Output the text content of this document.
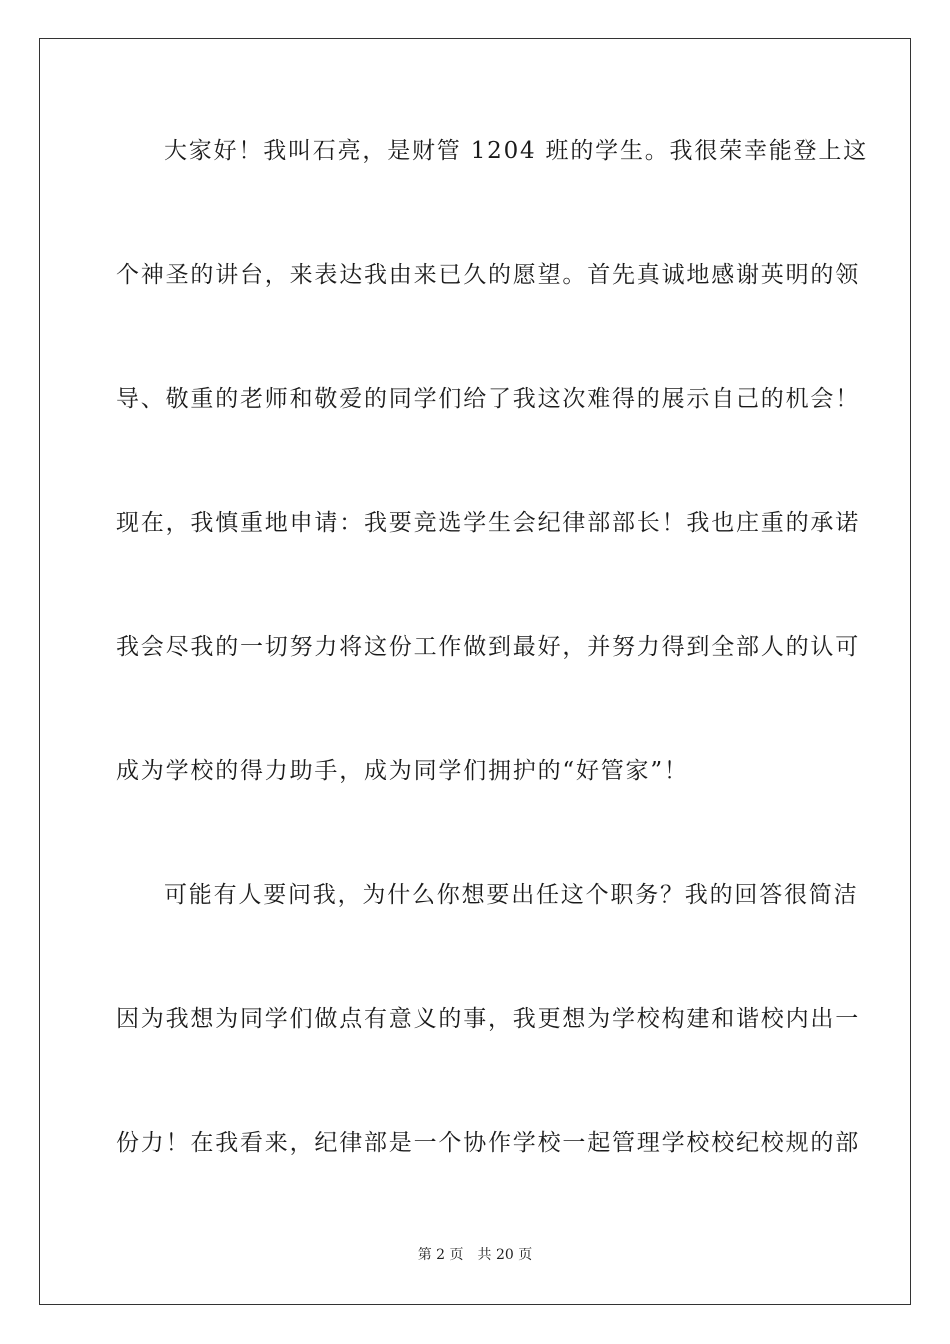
大家好！我叫石亮，是财管 1204 班的学生。我很荣幸能登上这
个神圣的讲台，来表达我由来已久的愿望。首先真诚地感谢英明的领
导、敬重的老师和敬爱的同学们给了我这次难得的展示自己的机会！
现在，我慎重地申请：我要竞选学生会纪律部部长！我也庄重的承诺
我会尽我的一切努力将这份工作做到最好，并努力得到全部人的认可
成为学校的得力助手，成为同学们拥护的“好管家”！
可能有人要问我，为什么你想要出任这个职务？我的回答很简洁
因为我想为同学们做点有意义的事，我更想为学校构建和谐校内出一
份力！在我看来，纪律部是一个协作学校一起管理学校校纪校规的部
第 2 页 共 20 页
